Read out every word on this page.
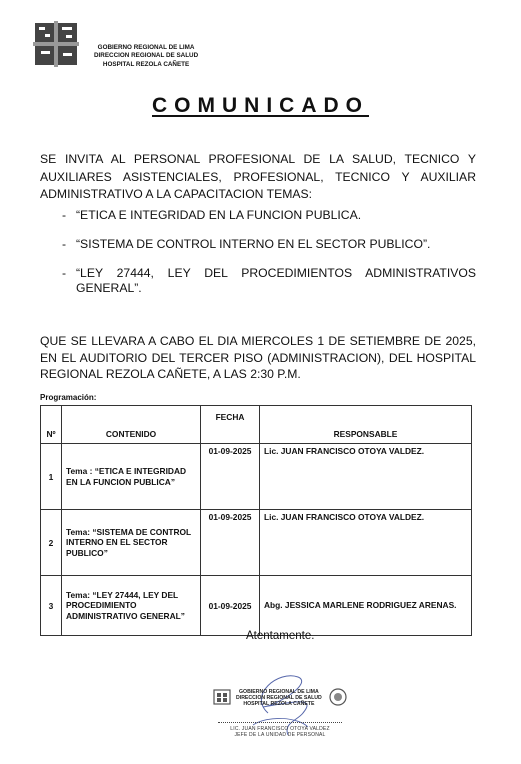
GOBIERNO REGIONAL DE LIMA
DIRECCION REGIONAL DE SALUD
HOSPITAL REZOLA CAÑETE
COMUNICADO
SE INVITA AL PERSONAL PROFESIONAL DE LA SALUD, TECNICO Y AUXILIARES ASISTENCIALES, PROFESIONAL, TECNICO Y AUXILIAR ADMINISTRATIVO A LA CAPACITACION TEMAS:
- “ETICA E INTEGRIDAD EN LA FUNCION PUBLICA.
- “SISTEMA DE CONTROL INTERNO EN EL SECTOR PUBLICO”.
- “LEY 27444, LEY DEL PROCEDIMIENTOS ADMINISTRATIVOS GENERAL”.
QUE SE LLEVARA A CABO EL DIA MIERCOLES 1 DE SETIEMBRE DE 2025, EN EL AUDITORIO DEL TERCER PISO (ADMINISTRACION), DEL HOSPITAL REGIONAL REZOLA CAÑETE, A LAS 2:30 P.M.
Programación:
Nº	CONTENIDO	FECHA	RESPONSABLE
1	Tema : “ETICA E INTEGRIDAD EN LA FUNCION PUBLICA”	01-09-2025	Lic. JUAN FRANCISCO OTOYA VALDEZ.
2	Tema: “SISTEMA DE CONTROL INTERNO EN EL SECTOR PUBLICO”	01-09-2025	Lic. JUAN FRANCISCO OTOYA VALDEZ.
3	Tema: “LEY 27444, LEY DEL PROCEDIMIENTO ADMINISTRATIVO GENERAL”	01-09-2025	Abg. JESSICA MARLENE RODRIGUEZ ARENAS.
Atentamente.
GOBIERNO REGIONAL DE LIMA
DIRECCION REGIONAL DE SALUD
HOSPITAL REZOLA CAÑETE
LIC. JUAN FRANCISCO OTOYA VALDEZ
JEFE DE LA UNIDAD DE PERSONAL
